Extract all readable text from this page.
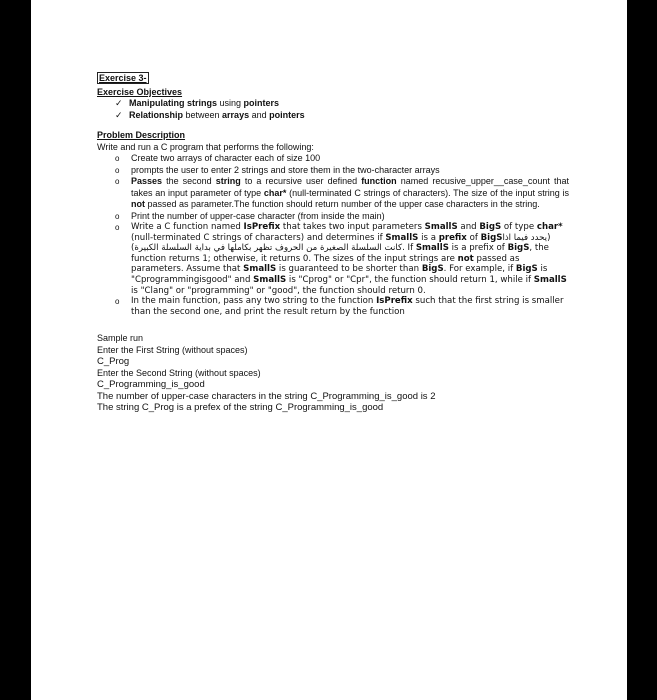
Exercise 3-
Exercise Objectives
✓ Manipulating strings using pointers
✓ Relationship between arrays and pointers
Problem Description
Write and run a C program that performs the following:
o	Create two arrays of character each of size 100
o	prompts the user to enter 2 strings and store them in the two-character arrays
o	Passes the second string to a recursive user defined function named recusive_upper__case_count that takes an input parameter of type char* (null-terminated C strings of characters). The size of the input string is not passed as parameter.The function should return number of the upper case characters in the string.
o	Print the number of upper-case character (from inside the main)
o	Write a C function named IsPrefix that takes two input parameters SmallS and BigS of type char* (null-terminated C strings of characters) and determines if SmallS is a prefix of BigS (يحدد فيما اذا كانت السلسلة الصغيرة من الحروف تظهر بكاملها في بداية السلسلة الكبيرة). If SmallS is a prefix of BigS, the function returns 1; otherwise, it returns 0. The sizes of the input strings are not passed as parameters. Assume that SmallS is guaranteed to be shorter than BigS. For example, if BigS is "Cprogrammingisgood" and SmallS is "Cprog" or "Cpr", the function should return 1, while if SmallS is "Clang" or "programming" or "good", the function should return 0.
o	In the main function, pass any two string to the function IsPrefix such that the first string is smaller than the second one, and print the result return by the function
Sample run
Enter the First String (without spaces)
C_Prog
Enter the Second String (without spaces)
C_Programming_is_good
The number of upper-case characters in the string C_Programming_is_good is 2
The string C_Prog is a prefex of the string C_Programming_is_good
